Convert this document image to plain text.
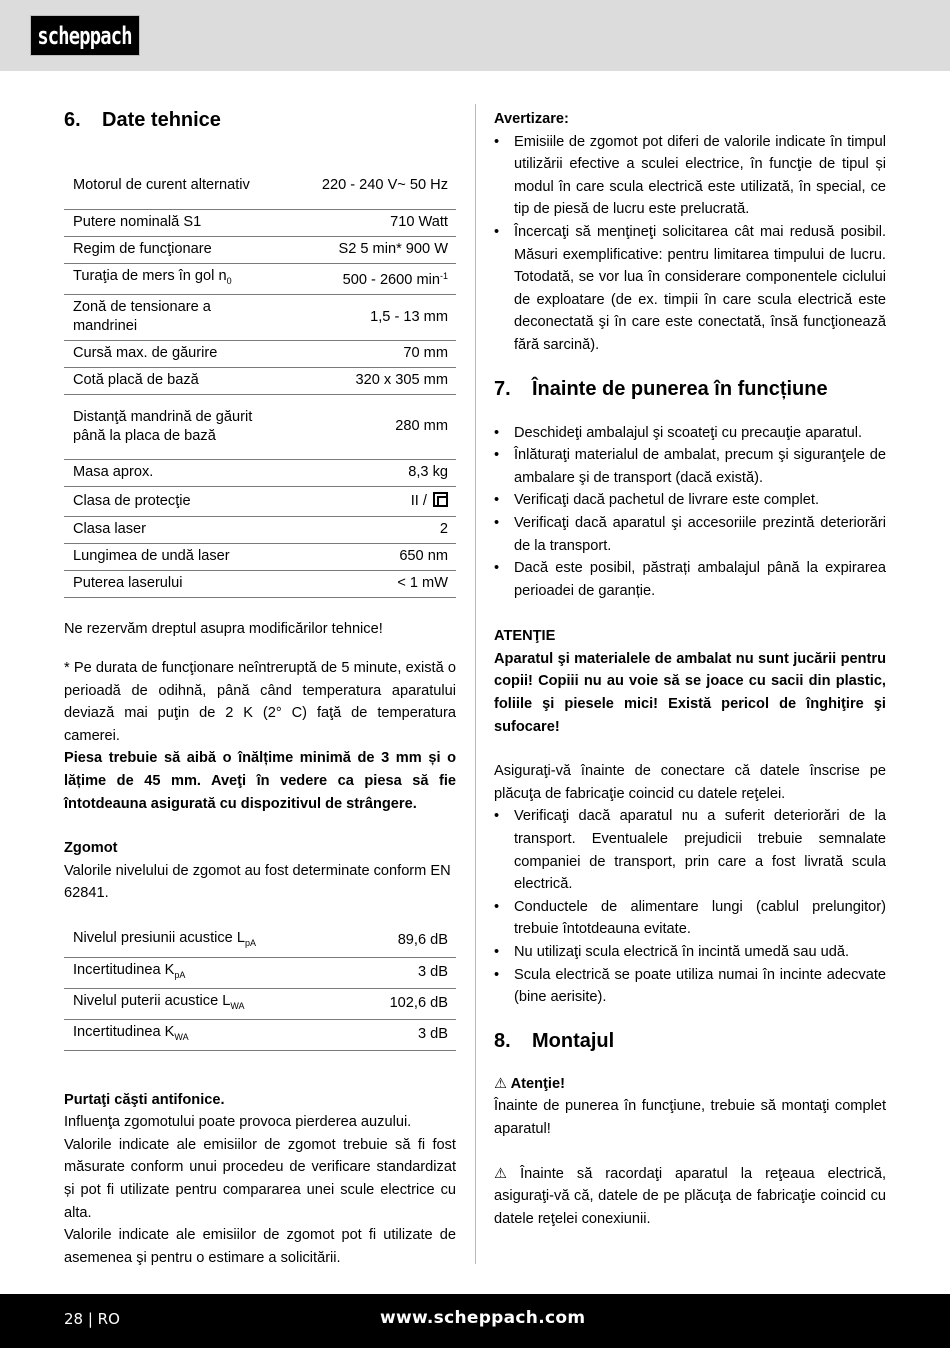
scheppach
6.	Date tehnice
Motorul de curent alternativ	220 - 240 V~ 50 Hz
Putere nominală S1	710 Watt
Regim de funcţionare	S2 5 min* 900 W
Turaţia de mers în gol $n_0$	500 - 2600 $\min^{-1}$
Zonă de tensionare a mandrinei	1,5 - 13 mm
Cursă max. de găurire	70 mm
Cotă placă de bază	320 x 305 mm
Distanţă mandrină de găurit până la placa de bază	280 mm
Masa aprox.	8,3 kg
Clasa de protecţie	II /
Clasa laser	2
Lungimea de undă laser	650 nm
Puterea laserului	< 1 mW

Ne rezervăm dreptul asupra modificărilor tehnice!

* Pe durata de funcţionare neîntreruptă de 5 minute, există o perioadă de odihnă, până când temperatura aparatului deviază mai puţin de 2 K (2° C) faţă de temperatura camerei.

Piesa trebuie să aibă o înălțime minimă de 3 mm și o lățime de 45 mm. Aveţi în vedere ca piesa să fie întotdeauna asigurată cu dispozitivul de strângere.

Zgomot

Valorile nivelului de zgomot au fost determinate conform EN 62841.

Nivelul presiunii acustice $L_{pA}$	89,6 dB
Incertitudinea $K_{pA}$	3 dB
Nivelul puterii acustice $L_{WA}$	102,6 dB
Incertitudinea $K_{WA}$	3 dB

Purtaţi căşti antifonice.

Influenţa zgomotului poate provoca pierderea auzului.

Valorile indicate ale emisiilor de zgomot trebuie să fi fost măsurate conform unui procedeu de verificare standardizat și pot fi utilizate pentru compararea unei scule electrice cu alta.

Valorile indicate ale emisiilor de zgomot pot fi utilizate de asemenea şi pentru o estimare a solicitării.

Avertizare:

• Emisiile de zgomot pot diferi de valorile indicate în timpul utilizării efective a sculei electrice, în funcţie de tipul și modul în care scula electrică este utilizată, în special, ce tip de piesă de lucru este prelucrată.
• Încercaţi să menţineţi solicitarea cât mai redusă posibil. Măsuri exemplificative: pentru limitarea timpului de lucru. Totodată, se vor lua în considerare componentele ciclului de exploatare (de ex. timpii în care scula electrică este deconectată şi în care este conectată, însă funcţionează fără sarcină).
7.	Înainte de punerea în funcțiune
• Deschideţi ambalajul şi scoateţi cu precauţie aparatul.
• Înlăturaţi materialul de ambalat, precum şi siguranţele de ambalare şi de transport (dacă există).
• Verificaţi dacă pachetul de livrare este complet.
• Verificaţi dacă aparatul şi accesoriile prezintă deteriorări de la transport.
• Dacă este posibil, păstrați ambalajul până la expirarea perioadei de garanție.

ATENŢIE

Aparatul şi materialele de ambalat nu sunt jucării pentru copii! Copiii nu au voie să se joace cu sacii din plastic, foliile şi piesele mici! Există pericol de înghiţire şi sufocare!

Asiguraţi-vă înainte de conectare că datele înscrise pe plăcuţa de fabricaţie coincid cu datele reţelei.

• Verificaţi dacă aparatul nu a suferit deteriorări de la transport. Eventualele prejudicii trebuie semnalate companiei de transport, prin care a fost livrată scula electrică.
• Conductele de alimentare lungi (cablul prelungitor) trebuie întotdeauna evitate.
• Nu utilizaţi scula electrică în incintă umedă sau udă.
• Scula electrică se poate utiliza numai în incinte adecvate (bine aerisite).
8.	Montajul

⚠ Atenţie!

Înainte de punerea în funcţiune, trebuie să montaţi complet aparatul!

⚠ Înainte să racordaţi aparatul la reţeaua electrică, asiguraţi-vă că, datele de pe plăcuţa de fabricaţie coincid cu datele reţelei conexiunii.

28 | RO	www.scheppach.com
